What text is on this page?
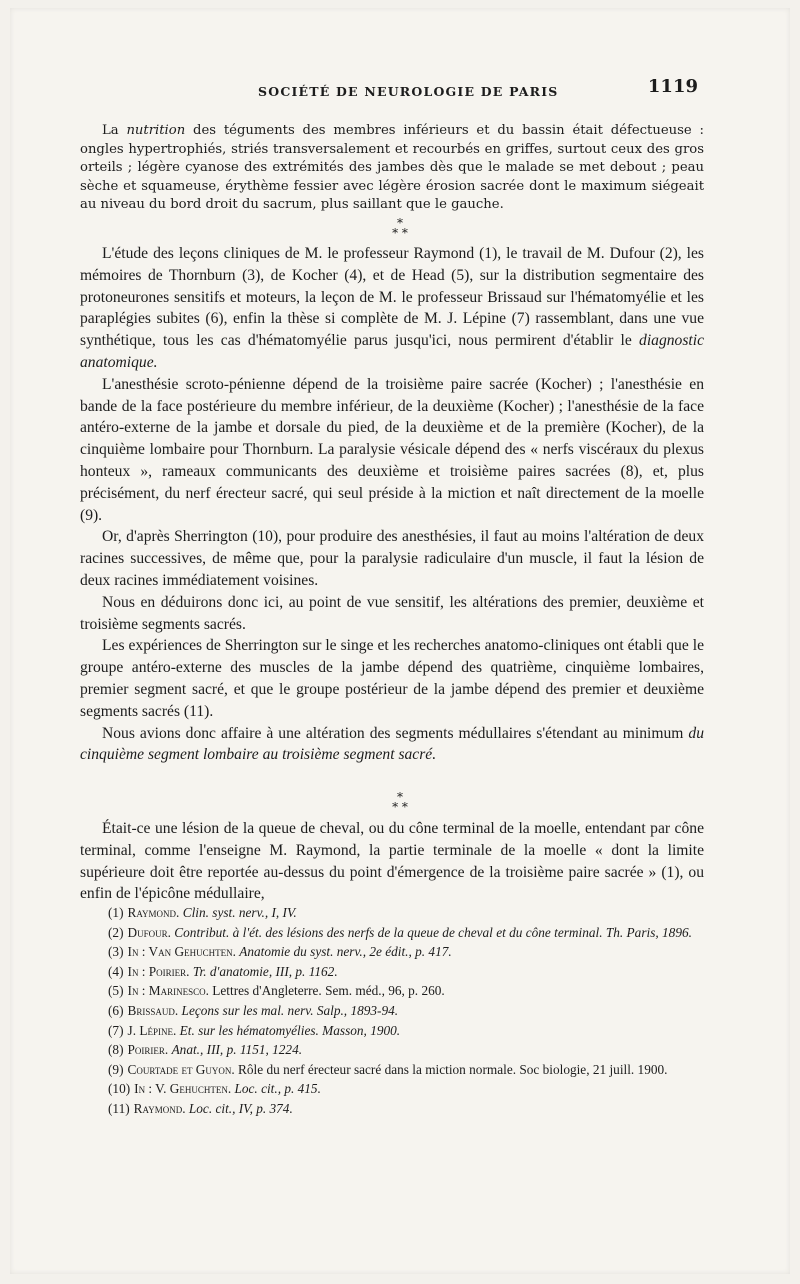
SOCIÉTÉ DE NEUROLOGIE DE PARIS	1119

La nutrition des téguments des membres inférieurs et du bassin était défectueuse : ongles hypertrophiés, striés transversalement et recourbés en griffes, surtout ceux des gros orteils ; légère cyanose des extrémités des jambes dès que le malade se met debout ; peau sèche et squameuse, érythème fessier avec légère érosion sacrée dont le maximum siégeait au niveau du bord droit du sacrum, plus saillant que le gauche.

*
* *

L'étude des leçons cliniques de M. le professeur Raymond (1), le travail de M. Dufour (2), les mémoires de Thornburn (3), de Kocher (4), et de Head (5), sur la distribution segmentaire des protoneurones sensitifs et moteurs, la leçon de M. le professeur Brissaud sur l'hématomyélie et les paraplégies subites (6), enfin la thèse si complète de M. J. Lépine (7) rassemblant, dans une vue synthétique, tous les cas d'hématomyélie parus jusqu'ici, nous permirent d'établir le diagnostic anatomique.

L'anesthésie scroto-pénienne dépend de la troisième paire sacrée (Kocher) ; l'anesthésie en bande de la face postérieure du membre inférieur, de la deuxième (Kocher) ; l'anesthésie de la face antéro-externe de la jambe et dorsale du pied, de la deuxième et de la première (Kocher), de la cinquième lombaire pour Thornburn. La paralysie vésicale dépend des « nerfs viscéraux du plexus honteux », rameaux communicants des deuxième et troisième paires sacrées (8), et, plus précisément, du nerf érecteur sacré, qui seul préside à la miction et naît directement de la moelle (9).

Or, d'après Sherrington (10), pour produire des anesthésies, il faut au moins l'altération de deux racines successives, de même que, pour la paralysie radiculaire d'un muscle, il faut la lésion de deux racines immédiatement voisines.

Nous en déduirons donc ici, au point de vue sensitif, les altérations des premier, deuxième et troisième segments sacrés.

Les expériences de Sherrington sur le singe et les recherches anatomo-cliniques ont établi que le groupe antéro-externe des muscles de la jambe dépend des quatrième, cinquième lombaires, premier segment sacré, et que le groupe postérieur de la jambe dépend des premier et deuxième segments sacrés (11).

Nous avions donc affaire à une altération des segments médullaires s'étendant au minimum du cinquième segment lombaire au troisième segment sacré.

*
* *

Était-ce une lésion de la queue de cheval, ou du cône terminal de la moelle, entendant par cône terminal, comme l'enseigne M. Raymond, la partie terminale de la moelle « dont la limite supérieure doit être reportée au-dessus du point d'émergence de la troisième paire sacrée » (1), ou enfin de l'épicône médullaire,

(1) Raymond. Clin. syst. nerv., I, IV.

(2) Dufour. Contribut. à l'ét. des lésions des nerfs de la queue de cheval et du cône terminal. Th. Paris, 1896.

(3) In : Van Gehuchten. Anatomie du syst. nerv., 2e édit., p. 417.

(4) In : Poirier. Tr. d'anatomie, III, p. 1162.

(5) In : Marinesco. Lettres d'Angleterre. Sem. méd., 96, p. 260.

(6) Brissaud. Leçons sur les mal. nerv. Salp., 1893-94.

(7) J. Lépine. Et. sur les hématomyélies. Masson, 1900.

(8) Poirier. Anat., III, p. 1151, 1224.

(9) Courtade et Guyon. Rôle du nerf érecteur sacré dans la miction normale. Soc biologie, 21 juill. 1900.

(10) In : V. Gehuchten. Loc. cit., p. 415.

(11) Raymond. Loc. cit., IV, p. 374.
